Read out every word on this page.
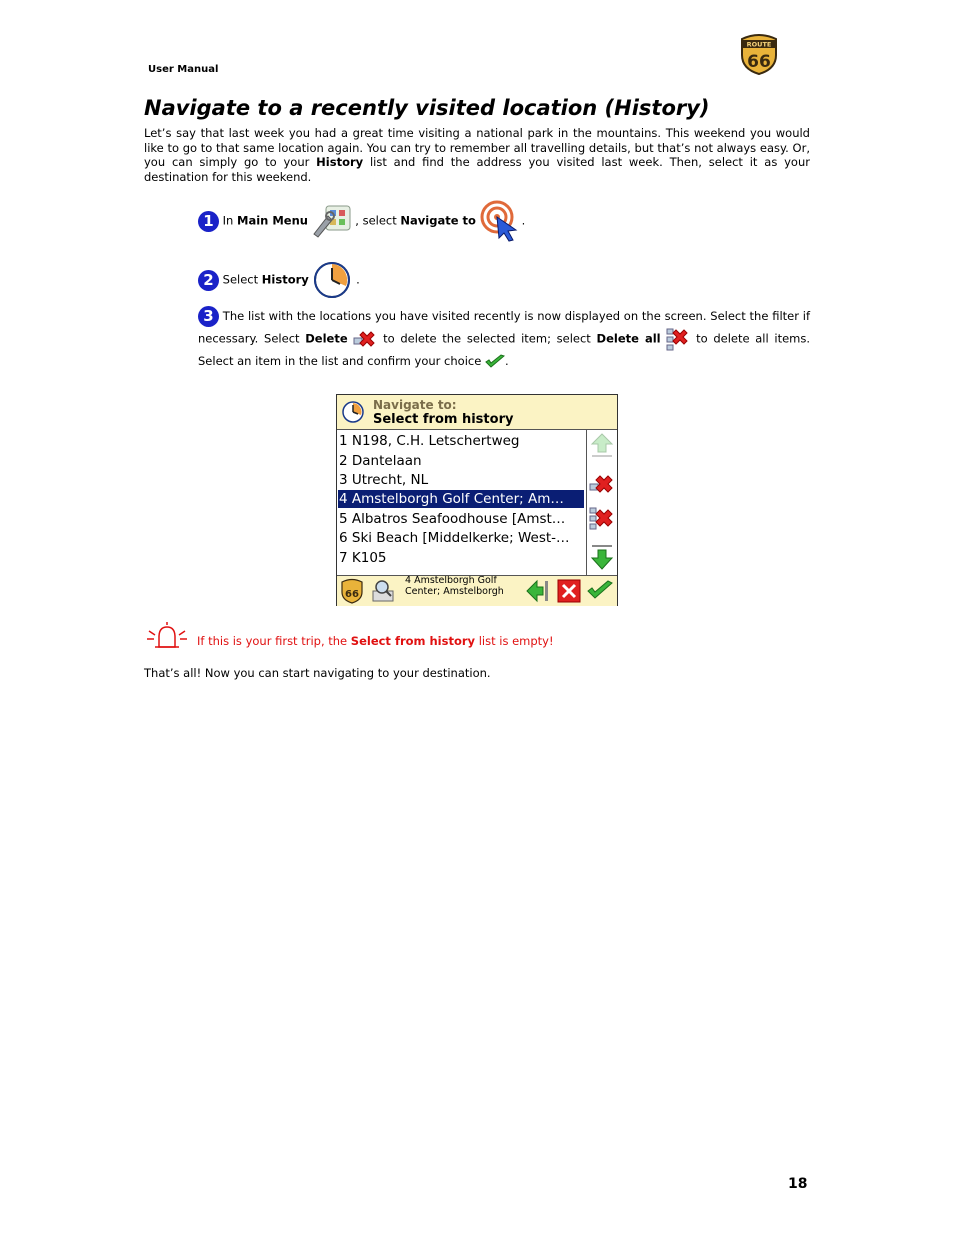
User Manual
ROUTE
66
Navigate to a recently visited location (History)
Let’s say that last week you had a great time visiting a national park in the mountains. This weekend you would like to go to that same location again. You can try to remember all travelling details, but that’s not always easy. Or, you can simply go to your History list and find the address you visited last week. Then, select it as your destination for this weekend.
1 In Main Menu	, select Navigate to	.
2 Select History	.
3 The list with the locations you have visited recently is now displayed on the screen. Select the filter if necessary. Select Delete	to delete the selected item; select Delete all	to delete all items. Select an item in the list and confirm your choice .
Navigate to:
Select from history
1 N198, C.H. Letschertweg
2 Dantelaan
3 Utrecht, NL
4 Amstelborgh Golf Center; Am…
5 Albatros Seafoodhouse [Amst…
6 Ski Beach [Middelkerke; West-…
7 K105
66
4 Amstelborgh Golf Center; Amstelborgh
If this is your first trip, the Select from history list is empty!
That’s all! Now you can start navigating to your destination.
18
